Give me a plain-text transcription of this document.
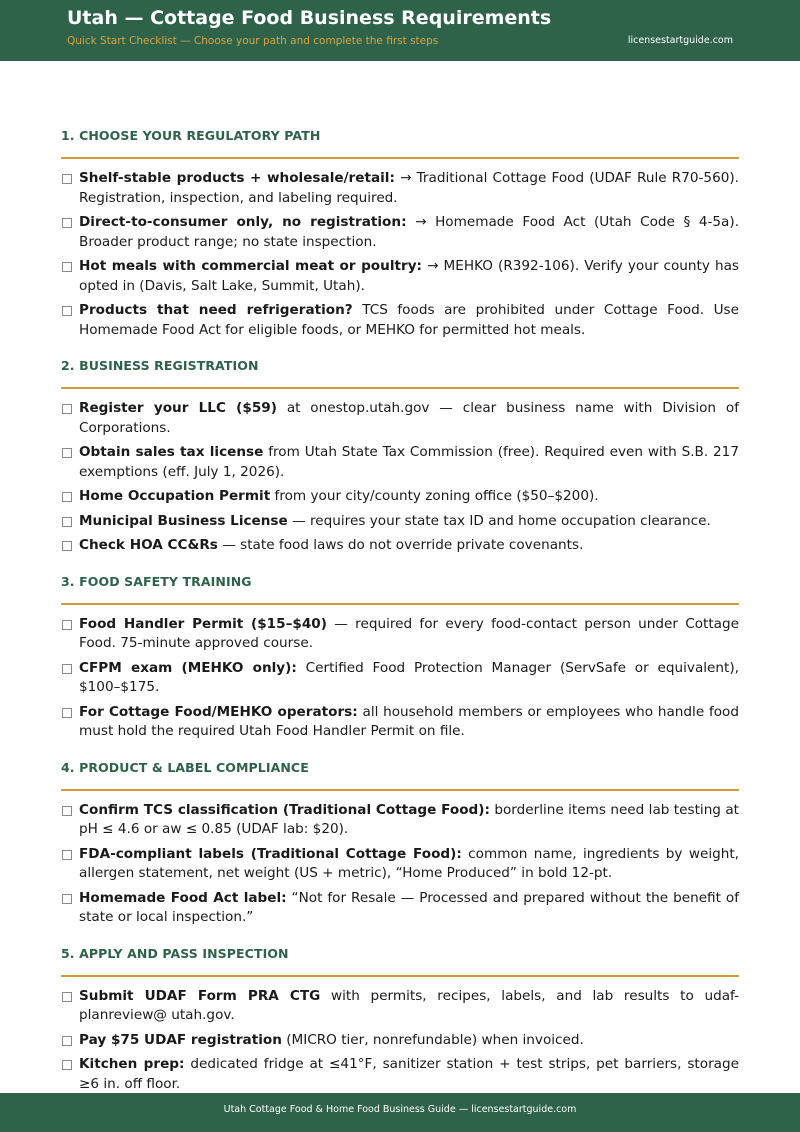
Utah — Cottage Food Business Requirements
Quick Start Checklist — Choose your path and complete the first steps	licensestartguide.com
1. CHOOSE YOUR REGULATORY PATH
Shelf-stable products + wholesale/retail: → Traditional Cottage Food (UDAF Rule R70-560). Registration, inspection, and labeling required.
Direct-to-consumer only, no registration: → Homemade Food Act (Utah Code § 4-5a). Broader product range; no state inspection.
Hot meals with commercial meat or poultry: → MEHKO (R392-106). Verify your county has opted in (Davis, Salt Lake, Summit, Utah).
Products that need refrigeration? TCS foods are prohibited under Cottage Food. Use Homemade Food Act for eligible foods, or MEHKO for permitted hot meals.
2. BUSINESS REGISTRATION
Register your LLC ($59) at onestop.utah.gov — clear business name with Division of Corporations.
Obtain sales tax license from Utah State Tax Commission (free). Required even with S.B. 217 exemptions (eff. July 1, 2026).
Home Occupation Permit from your city/county zoning office ($50–$200).
Municipal Business License — requires your state tax ID and home occupation clearance.
Check HOA CC&Rs — state food laws do not override private covenants.
3. FOOD SAFETY TRAINING
Food Handler Permit ($15–$40) — required for every food-contact person under Cottage Food. 75-minute approved course.
CFPM exam (MEHKO only): Certified Food Protection Manager (ServSafe or equivalent), $100–$175.
For Cottage Food/MEHKO operators: all household members or employees who handle food must hold the required Utah Food Handler Permit on file.
4. PRODUCT & LABEL COMPLIANCE
Confirm TCS classification (Traditional Cottage Food): borderline items need lab testing at pH ≤ 4.6 or aw ≤ 0.85 (UDAF lab: $20).
FDA-compliant labels (Traditional Cottage Food): common name, ingredients by weight, allergen statement, net weight (US + metric), “Home Produced” in bold 12-pt.
Homemade Food Act label: “Not for Resale — Processed and prepared without the benefit of state or local inspection.”
5. APPLY AND PASS INSPECTION
Submit UDAF Form PRA CTG with permits, recipes, labels, and lab results to udaf-planreview@ utah.gov.
Pay $75 UDAF registration (MICRO tier, nonrefundable) when invoiced.
Kitchen prep: dedicated fridge at ≤41°F, sanitizer station + test strips, pet barriers, storage ≥6 in. off floor.
Utah Cottage Food & Home Food Business Guide — licensestartguide.com
